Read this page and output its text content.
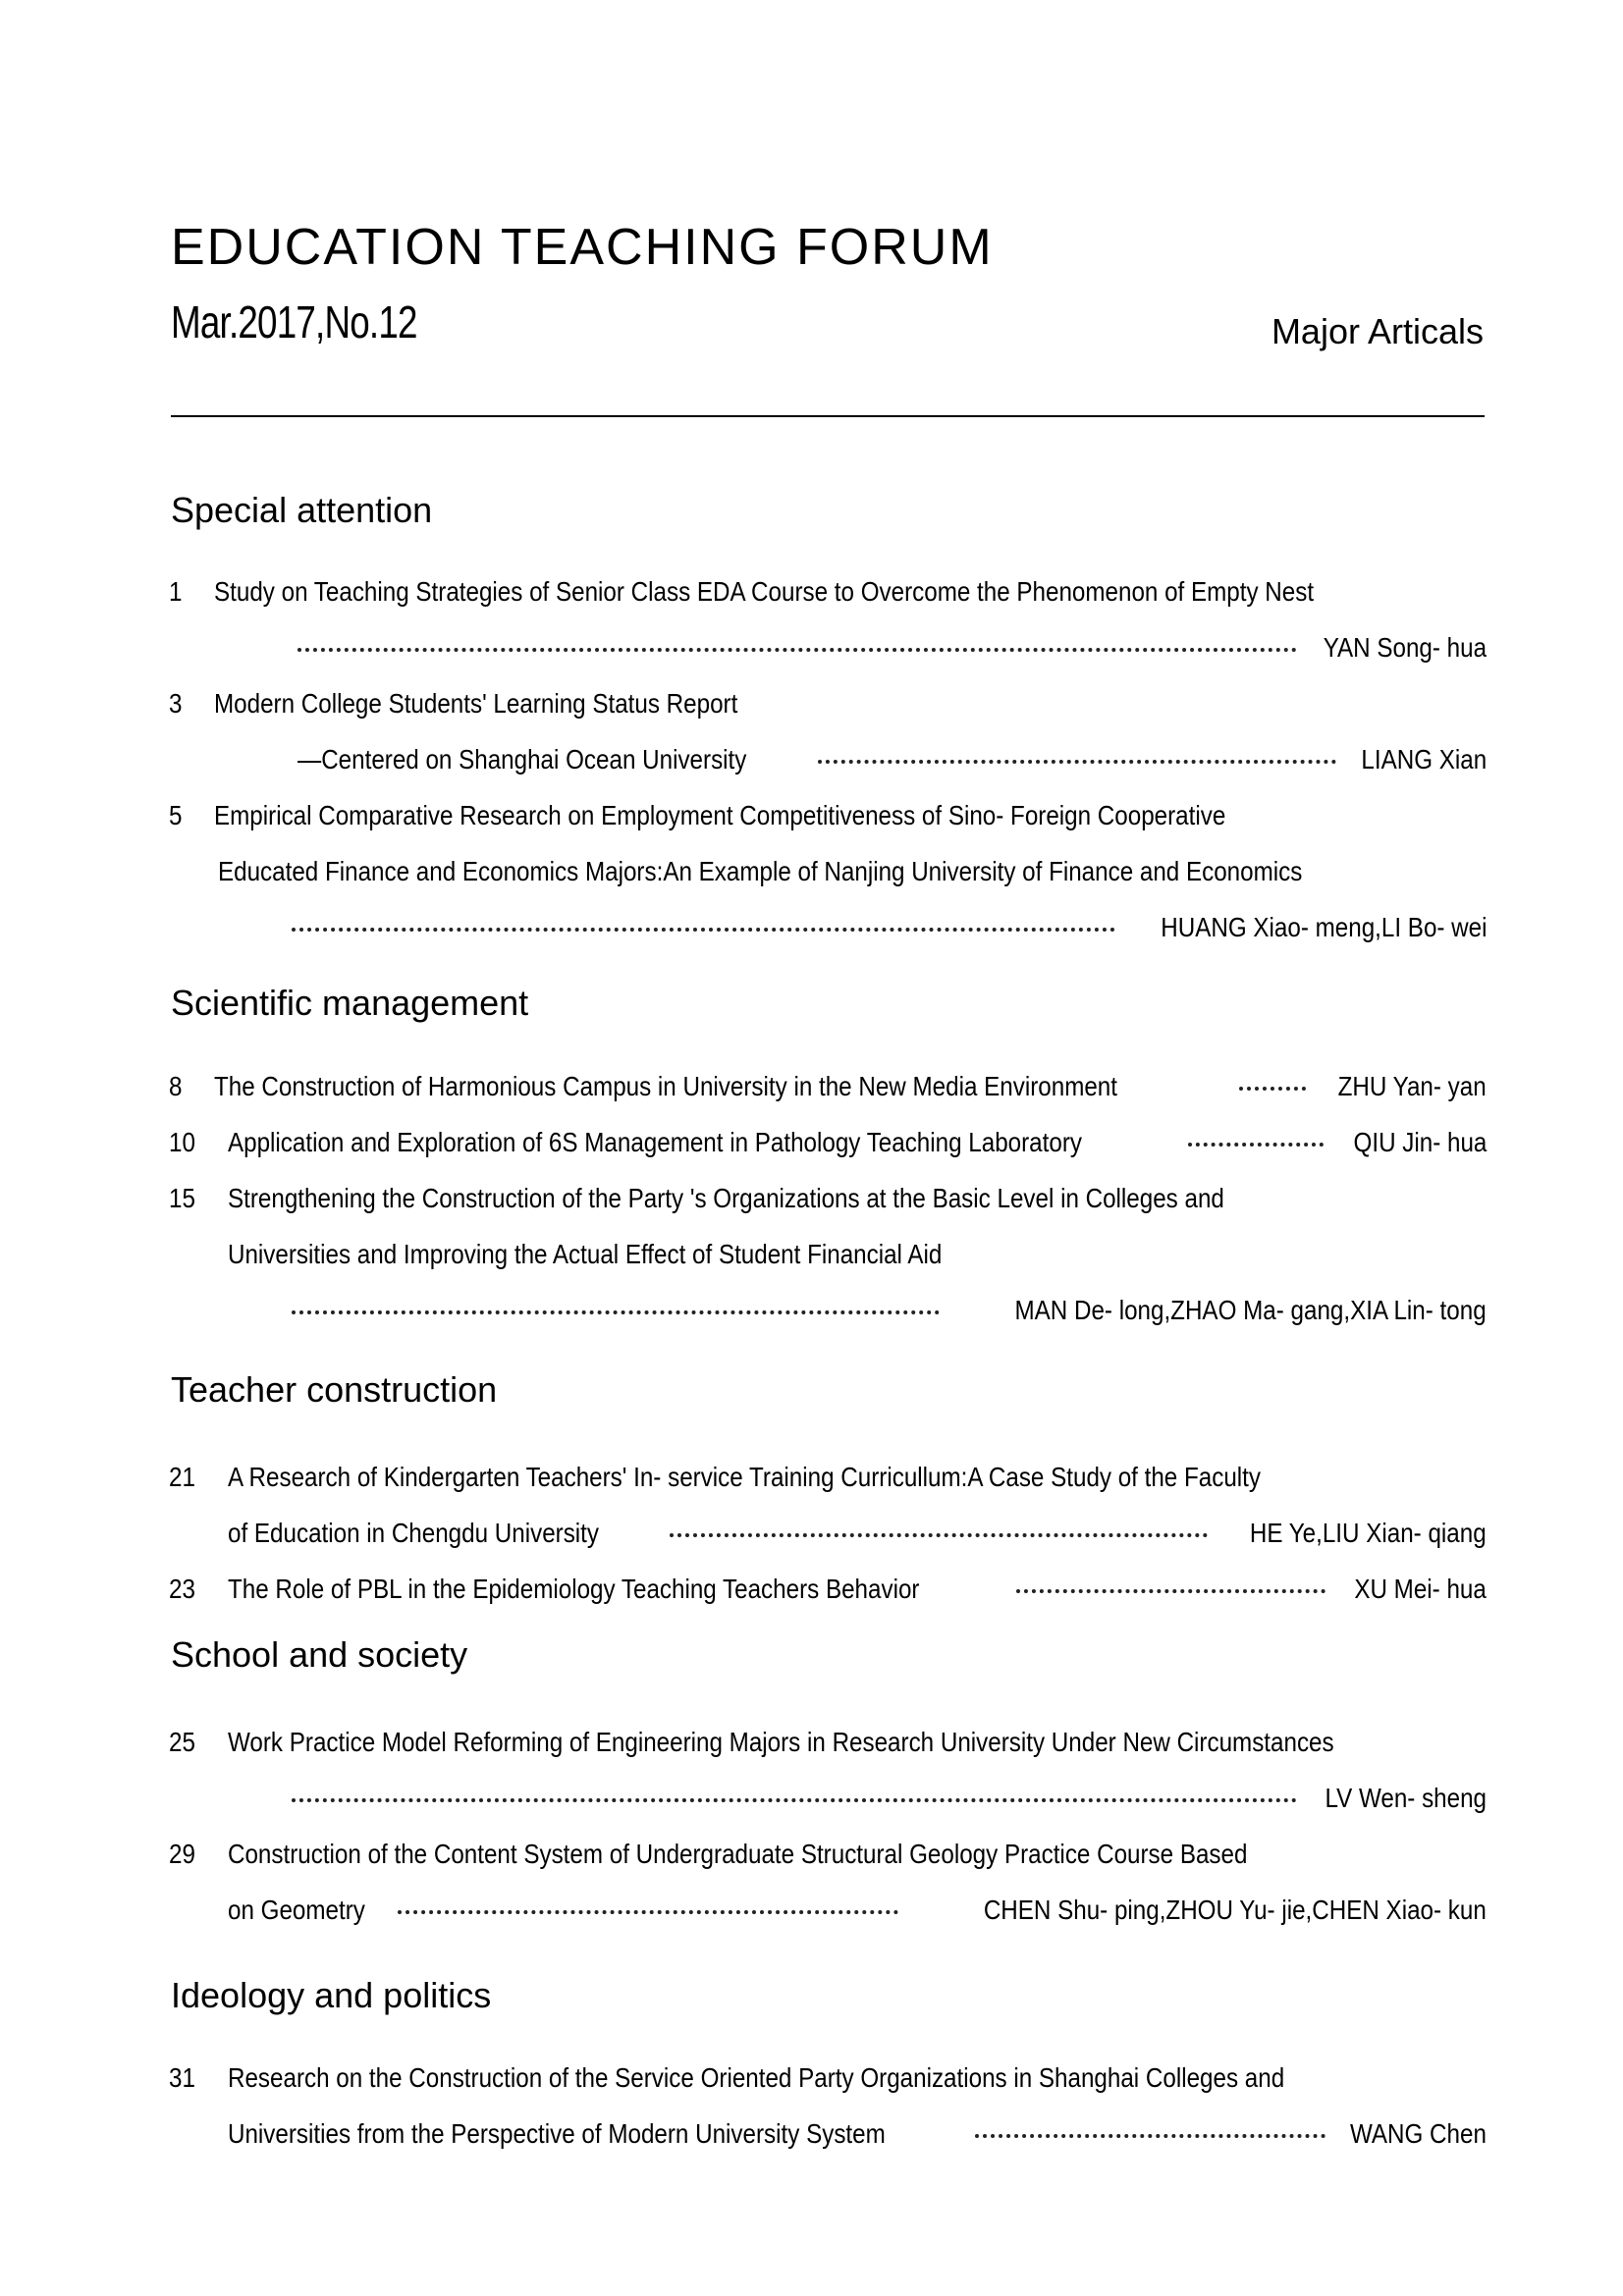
EDUCATION TEACHING FORUM
Mar.2017,No.12	Major Articals
Special attention
1 Study on Teaching Strategies of Senior Class EDA Course to Overcome the Phenomenon of Empty Nest
YAN Song- hua
3 Modern College Students' Learning Status Report
—Centered on Shanghai Ocean University	LIANG Xian
5 Empirical Comparative Research on Employment Competitiveness of Sino- Foreign Cooperative
Educated Finance and Economics Majors:An Example of Nanjing University of Finance and Economics
HUANG Xiao- meng,LI Bo- wei
Scientific management
8 The Construction of Harmonious Campus in University in the New Media Environment	ZHU Yan- yan
10 Application and Exploration of 6S Management in Pathology Teaching Laboratory	QIU Jin- hua
15 Strengthening the Construction of the Party 's Organizations at the Basic Level in Colleges and
Universities and Improving the Actual Effect of Student Financial Aid
MAN De- long,ZHAO Ma- gang,XIA Lin- tong
Teacher construction
21 A Research of Kindergarten Teachers' In- service Training Curricullum:A Case Study of the Faculty
of Education in Chengdu University	HE Ye,LIU Xian- qiang
23 The Role of PBL in the Epidemiology Teaching Teachers Behavior	XU Mei- hua
School and society
25 Work Practice Model Reforming of Engineering Majors in Research University Under New Circumstances
LV Wen- sheng
29 Construction of the Content System of Undergraduate Structural Geology Practice Course Based
on Geometry	CHEN Shu- ping,ZHOU Yu- jie,CHEN Xiao- kun
Ideology and politics
31 Research on the Construction of the Service Oriented Party Organizations in Shanghai Colleges and
Universities from the Perspective of Modern University System	WANG Chen
